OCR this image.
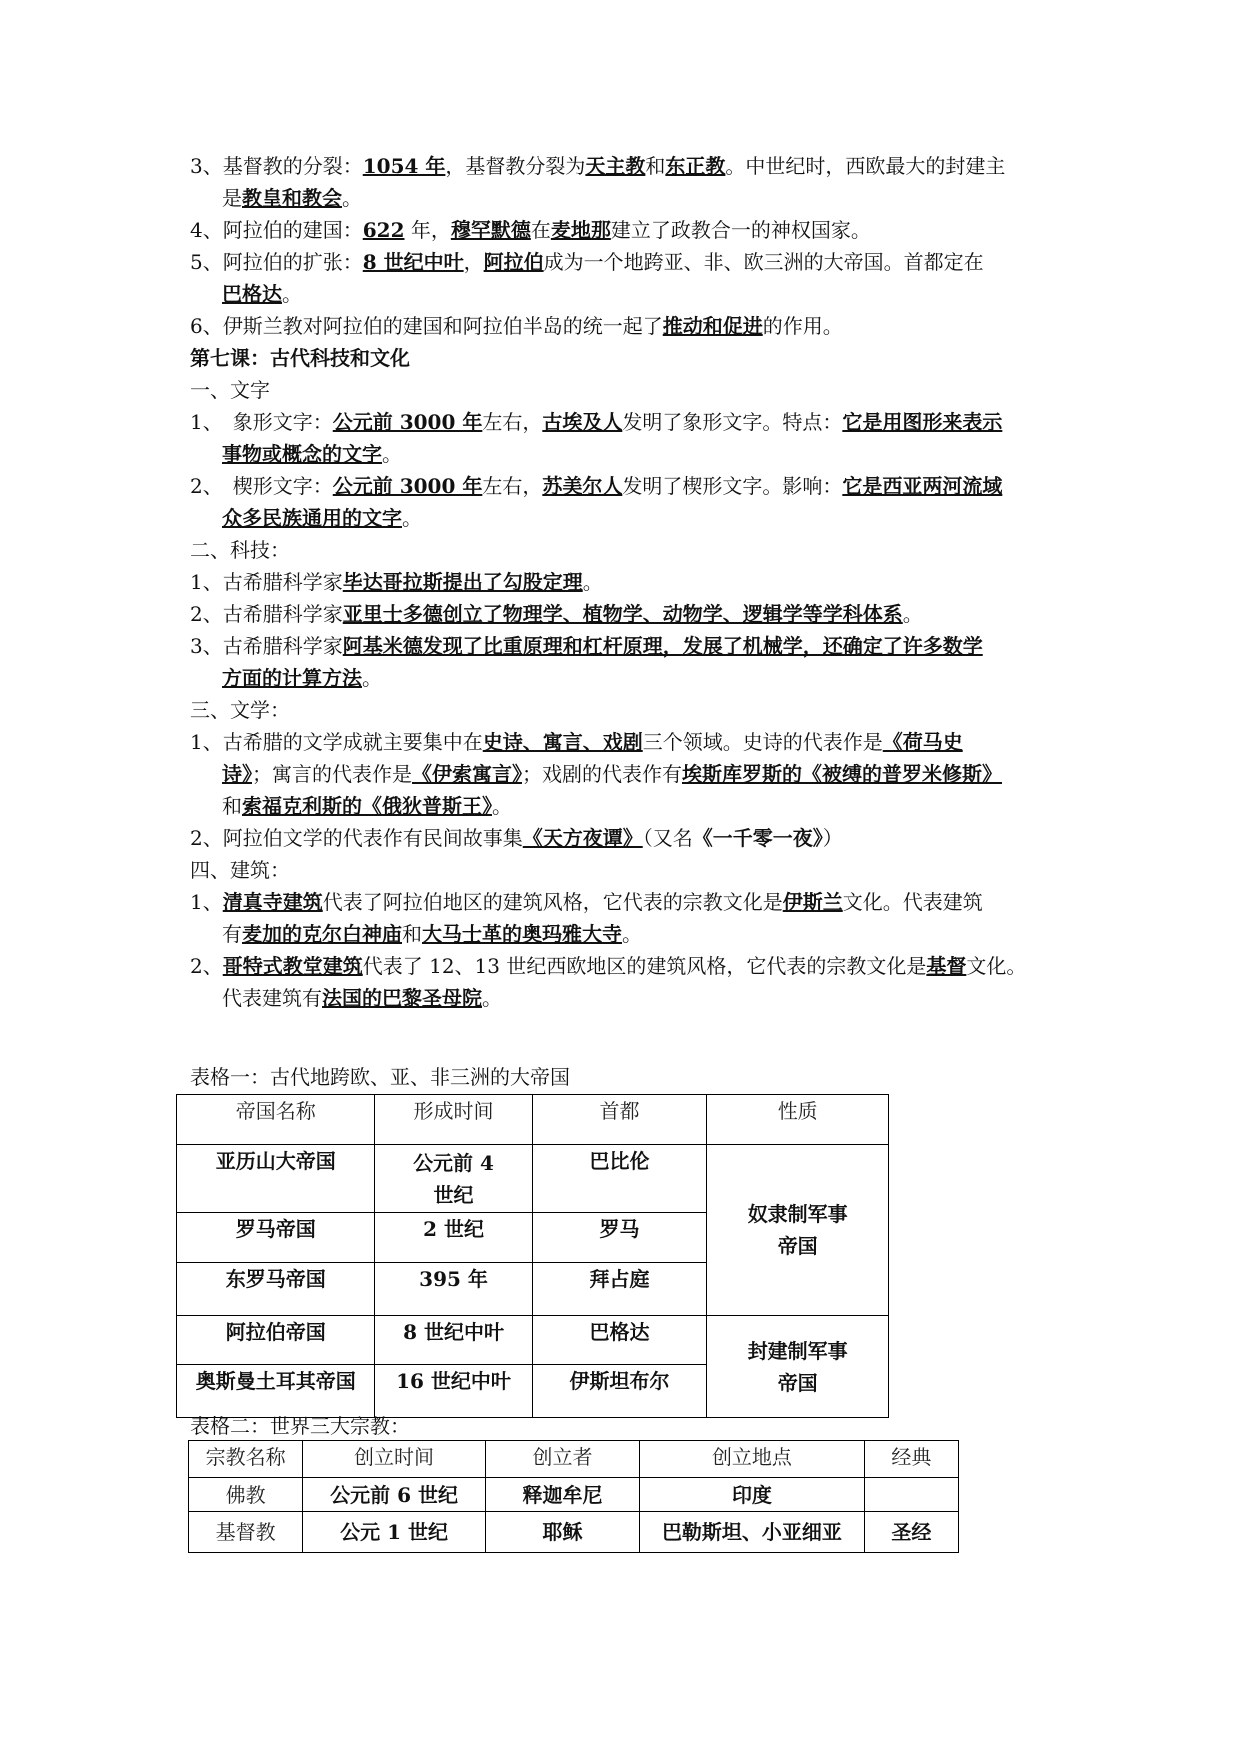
3、基督教的分裂：1054 年，基督教分裂为天主教和东正教。中世纪时，西欧最大的封建主
是教皇和教会。
4、阿拉伯的建国：622 年，穆罕默德在麦地那建立了政教合一的神权国家。
5、阿拉伯的扩张：8 世纪中叶，阿拉伯成为一个地跨亚、非、欧三洲的大帝国。首都定在
巴格达。
6、伊斯兰教对阿拉伯的建国和阿拉伯半岛的统一起了推动和促进的作用。
第七课：古代科技和文化
一、文字
1、　象形文字：公元前 3000 年左右，古埃及人发明了象形文字。特点：它是用图形来表示
事物或概念的文字。
2、　楔形文字：公元前 3000 年左右，苏美尔人发明了楔形文字。影响：它是西亚两河流域
众多民族通用的文字。
二、科技：
1、古希腊科学家毕达哥拉斯提出了勾股定理。
2、古希腊科学家亚里士多德创立了物理学、植物学、动物学、逻辑学等学科体系。
3、古希腊科学家阿基米德发现了比重原理和杠杆原理，发展了机械学，还确定了许多数学
方面的计算方法。
三、文学：
1、古希腊的文学成就主要集中在史诗、寓言、戏剧三个领域。史诗的代表作是《荷马史
诗》；寓言的代表作是《伊索寓言》；戏剧的代表作有埃斯库罗斯的《被缚的普罗米修斯》
和索福克利斯的《俄狄普斯王》。
2、阿拉伯文学的代表作有民间故事集《天方夜谭》（又名《一千零一夜》）
四、建筑：
1、清真寺建筑代表了阿拉伯地区的建筑风格，它代表的宗教文化是伊斯兰文化。代表建筑
有麦加的克尔白神庙和大马士革的奥玛雅大寺。
2、哥特式教堂建筑代表了 12、13 世纪西欧地区的建筑风格，它代表的宗教文化是基督文化。
代表建筑有法国的巴黎圣母院。
表格一：古代地跨欧、亚、非三洲的大帝国
帝国名称	形成时间	首都	性质
亚历山大帝国	公元前 4 世纪	巴比伦	奴隶制军事帝国

罗马帝国	2 世纪	罗马	
东罗马帝国	395 年	拜占庭	
阿拉伯帝国	8 世纪中叶	巴格达	封建制军事帝国

奥斯曼土耳其帝国	16 世纪中叶	伊斯坦布尔	
表格二：世界三大宗教：
宗教名称	创立时间	创立者	创立地点	经典
佛教	公元前 6 世纪	释迦牟尼	印度	
基督教	公元 1 世纪	耶稣	巴勒斯坦、小亚细亚	圣经
